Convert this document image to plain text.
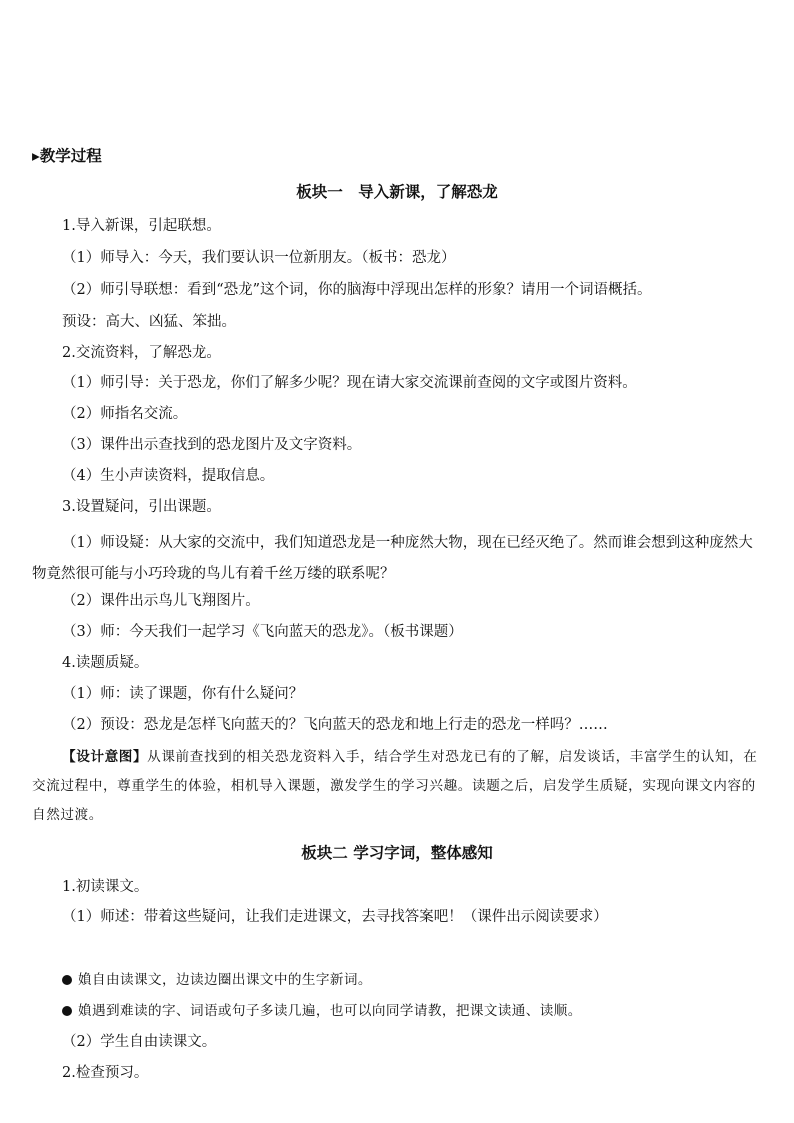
▸教学过程
板块一　导入新课，了解恐龙
1.导入新课，引起联想。
（1）师导入：今天，我们要认识一位新朋友。（板书：恐龙）
（2）师引导联想：看到“恐龙”这个词，你的脑海中浮现出怎样的形象？请用一个词语概括。
预设：高大、凶猛、笨拙。
2.交流资料，了解恐龙。
（1）师引导：关于恐龙，你们了解多少呢？现在请大家交流课前查阅的文字或图片资料。
（2）师指名交流。
（3）课件出示查找到的恐龙图片及文字资料。
（4）生小声读资料，提取信息。
3.设置疑问，引出课题。
（1）师设疑：从大家的交流中，我们知道恐龙是一种庞然大物，现在已经灭绝了。然而谁会想到这种庞然大物竟然很可能与小巧玲珑的鸟儿有着千丝万缕的联系呢？
（2）课件出示鸟儿飞翔图片。
（3）师：今天我们一起学习《飞向蓝天的恐龙》。（板书课题）
4.读题质疑。
（1）师：读了课题，你有什么疑问？
（2）预设：恐龙是怎样飞向蓝天的？飞向蓝天的恐龙和地上行走的恐龙一样吗？……
【设计意图】从课前查找到的相关恐龙资料入手，结合学生对恐龙已有的了解，启发谈话，丰富学生的认知，在交流过程中，尊重学生的体验，相机导入课题，激发学生的学习兴趣。读题之后，启发学生质疑，实现向课文内容的自然过渡。
板块二 学习字词，整体感知
1.初读课文。
（1）师述：带着这些疑问，让我们走进课文，去寻找答案吧！（课件出示阅读要求）
媍自由读课文，边读边圈出课文中的生字新词。
媍遇到难读的字、词语或句子多读几遍，也可以向同学请教，把课文读通、读顺。
（2）学生自由读课文。
2.检查预习。
